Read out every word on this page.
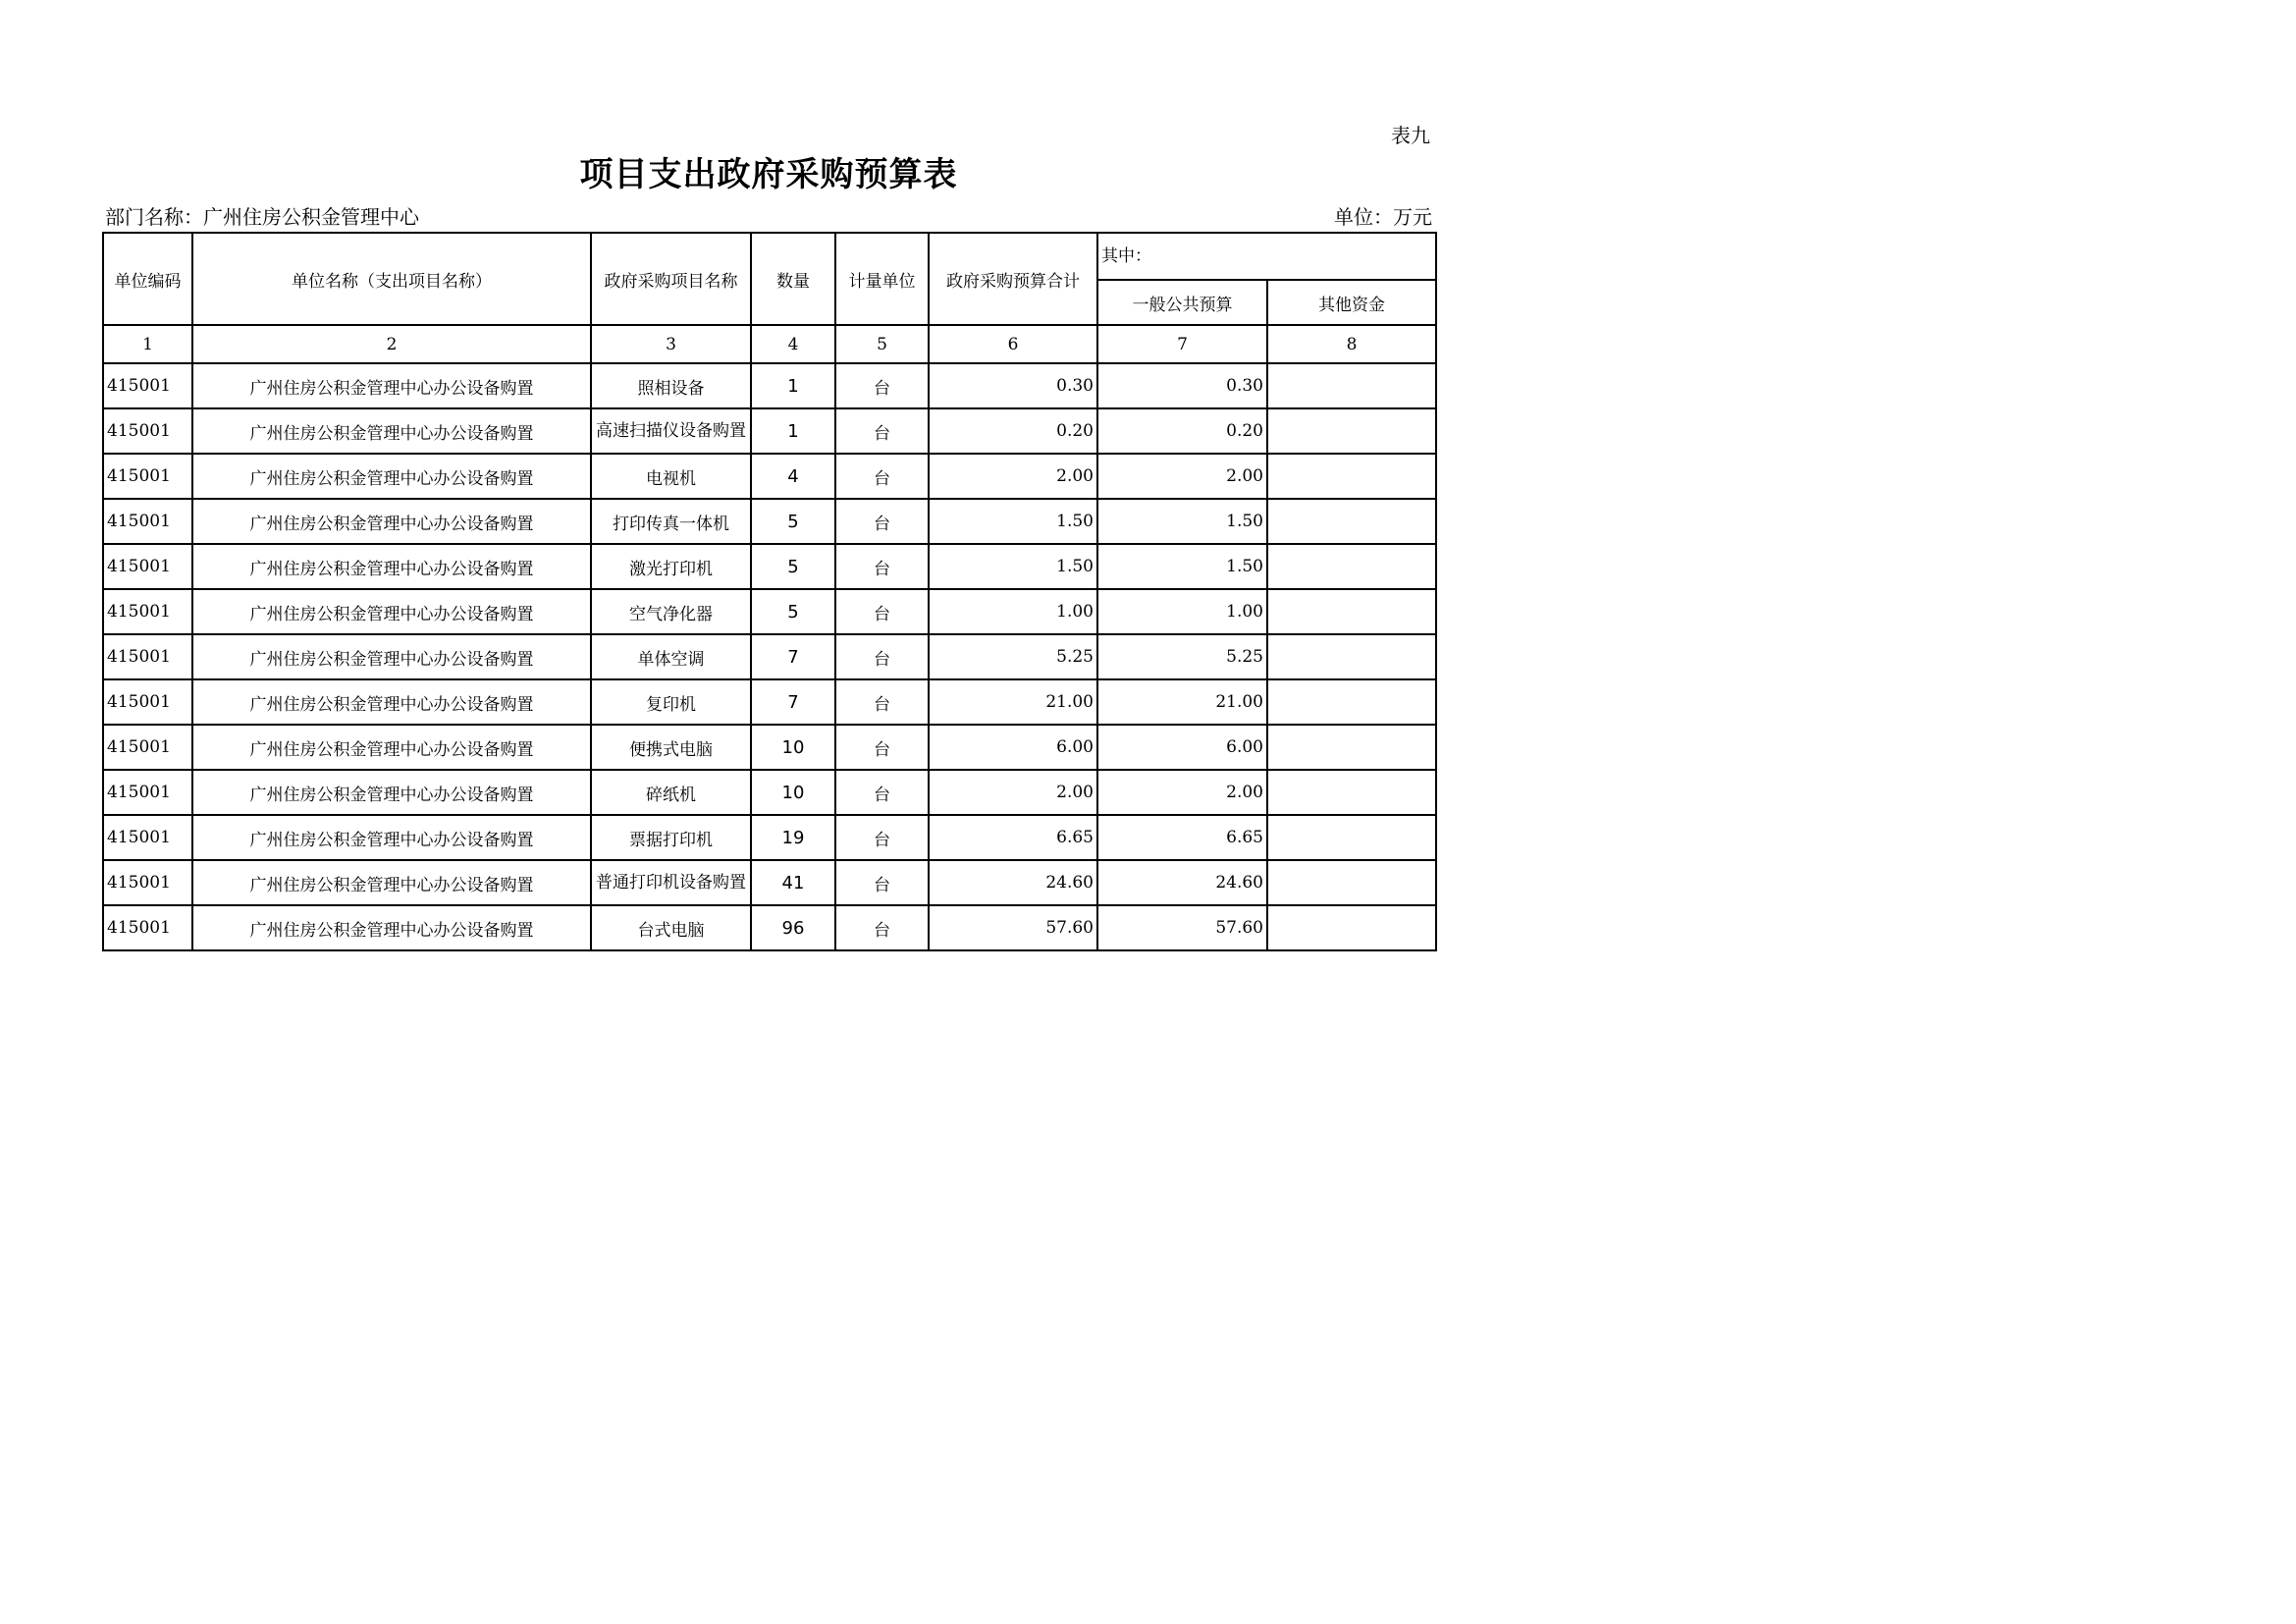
表九
项目支出政府采购预算表
部门名称：广州住房公积金管理中心	单位：万元
单位编码	单位名称（支出项目名称）	政府采购项目名称	数量	计量单位	政府采购预算合计	其中：	
						一般公共预算	其他资金
1	2	3	4	5	6	7	8
415001	广州住房公积金管理中心办公设备购置	照相设备	1	台	0.30	0.30	
415001	广州住房公积金管理中心办公设备购置	高速扫描仪设备购置	1	台	0.20	0.20	
415001	广州住房公积金管理中心办公设备购置	电视机	4	台	2.00	2.00	
415001	广州住房公积金管理中心办公设备购置	打印传真一体机	5	台	1.50	1.50	
415001	广州住房公积金管理中心办公设备购置	激光打印机	5	台	1.50	1.50	
415001	广州住房公积金管理中心办公设备购置	空气净化器	5	台	1.00	1.00	
415001	广州住房公积金管理中心办公设备购置	单体空调	7	台	5.25	5.25	
415001	广州住房公积金管理中心办公设备购置	复印机	7	台	21.00	21.00	
415001	广州住房公积金管理中心办公设备购置	便携式电脑	10	台	6.00	6.00	
415001	广州住房公积金管理中心办公设备购置	碎纸机	10	台	2.00	2.00	
415001	广州住房公积金管理中心办公设备购置	票据打印机	19	台	6.65	6.65	
415001	广州住房公积金管理中心办公设备购置	普通打印机设备购置	41	台	24.60	24.60	
415001	广州住房公积金管理中心办公设备购置	台式电脑	96	台	57.60	57.60	
